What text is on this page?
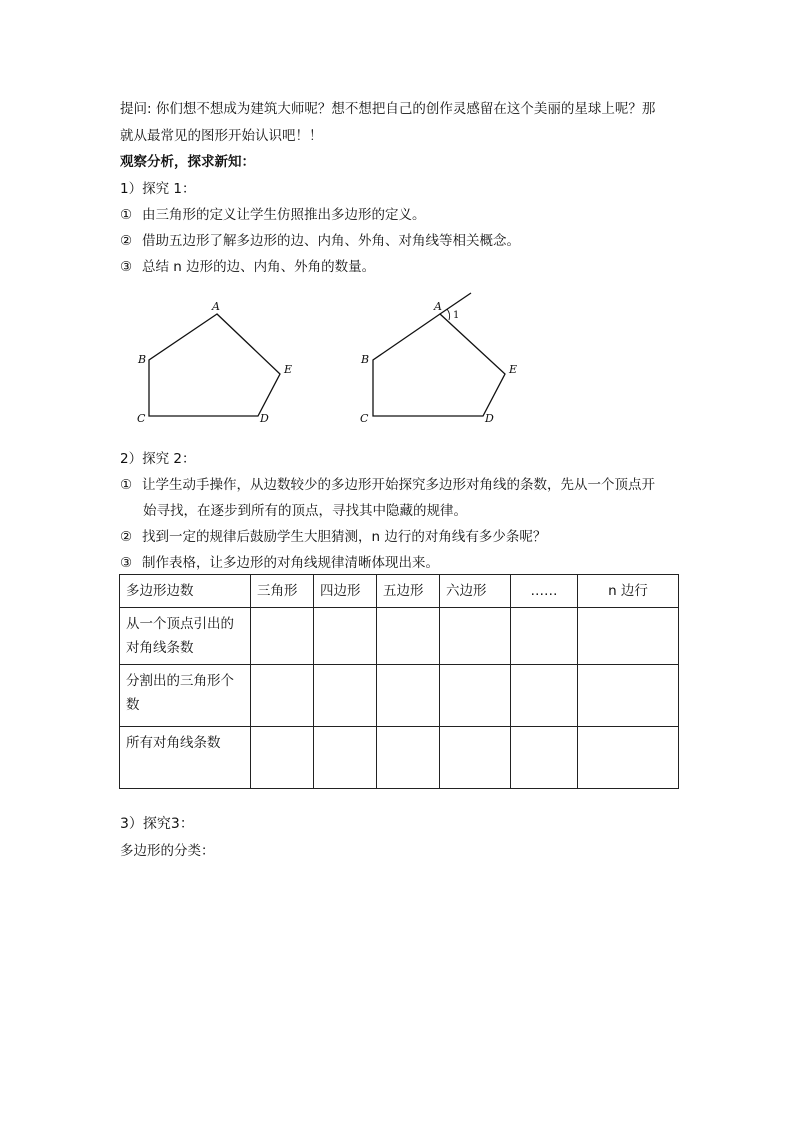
提问: 你们想不想成为建筑大师呢？想不想把自己的创作灵感留在这个美丽的星球上呢？那
就从最常见的图形开始认识吧！！
观察分析，探求新知：
1）探究 1：
① 由三角形的定义让学生仿照推出多边形的定义。
② 借助五边形了解多边形的边、内角、外角、对角线等相关概念。
③ 总结 n 边形的边、内角、外角的数量。
A
B
C	D
E
A
1
B
C	D
E
2）探究 2：
① 让学生动手操作，从边数较少的多边形开始探究多边形对角线的条数，先从一个顶点开
始寻找，在逐步到所有的顶点，寻找其中隐藏的规律。
② 找到一定的规律后鼓励学生大胆猜测，n 边行的对角线有多少条呢？
③ 制作表格，让多边形的对角线规律清晰体现出来。
多边形边数	三角形	四边形	五边形	六边形	……	n 边行

从一个顶点引出的
对角线条数						

分割出的三角形个
数						

所有对角线条数						

3）探究3：
多边形的分类：
